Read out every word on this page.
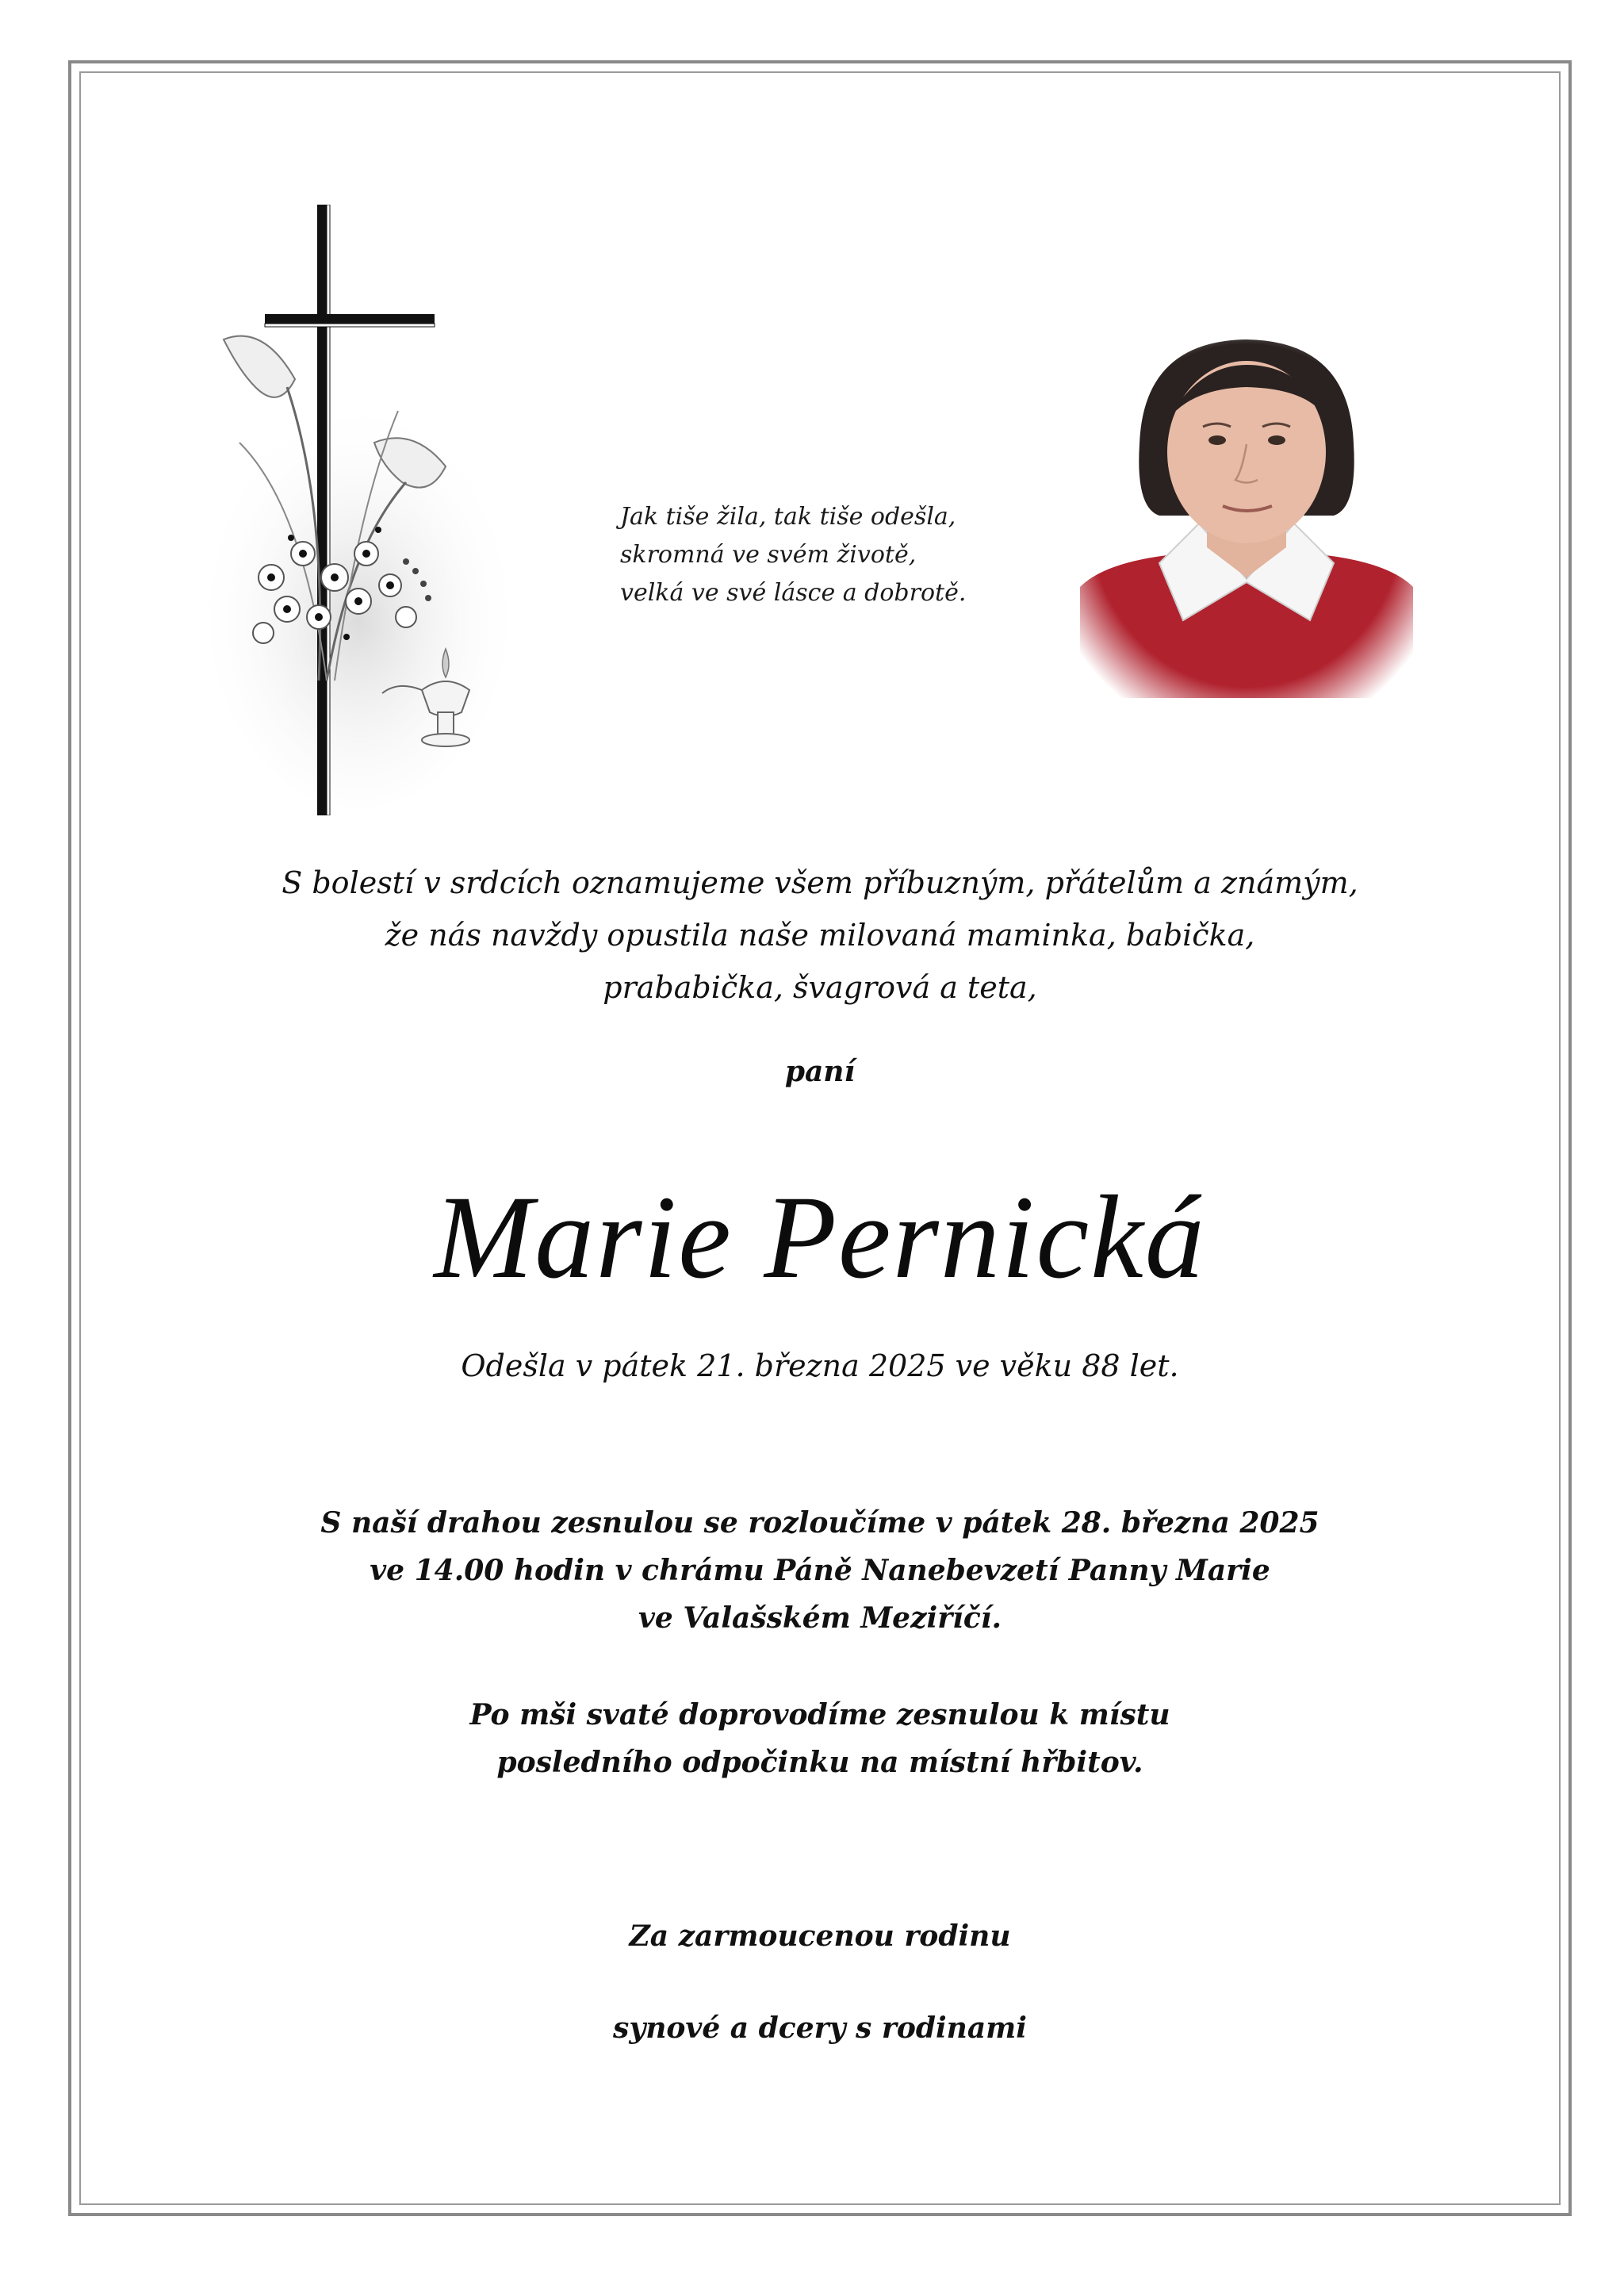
Jak tiše žila, tak tiše odešla,
skromná ve svém životě,
velká ve své lásce a dobrotě.
S bolestí v srdcích oznamujeme všem příbuzným, přátelům a známým,
že nás navždy opustila naše milovaná maminka, babička,
prababička, švagrová a teta,
paní
Marie Pernická
Odešla v pátek 21. března 2025 ve věku 88 let.
S naší drahou zesnulou se rozloučíme v pátek 28. března 2025
ve 14.00 hodin v chrámu Páně Nanebevzetí Panny Marie
ve Valašském Meziříčí.
Po mši svaté doprovodíme zesnulou k místu
posledního odpočinku na místní hřbitov.
Za zarmoucenou rodinu
synové a dcery s rodinami
